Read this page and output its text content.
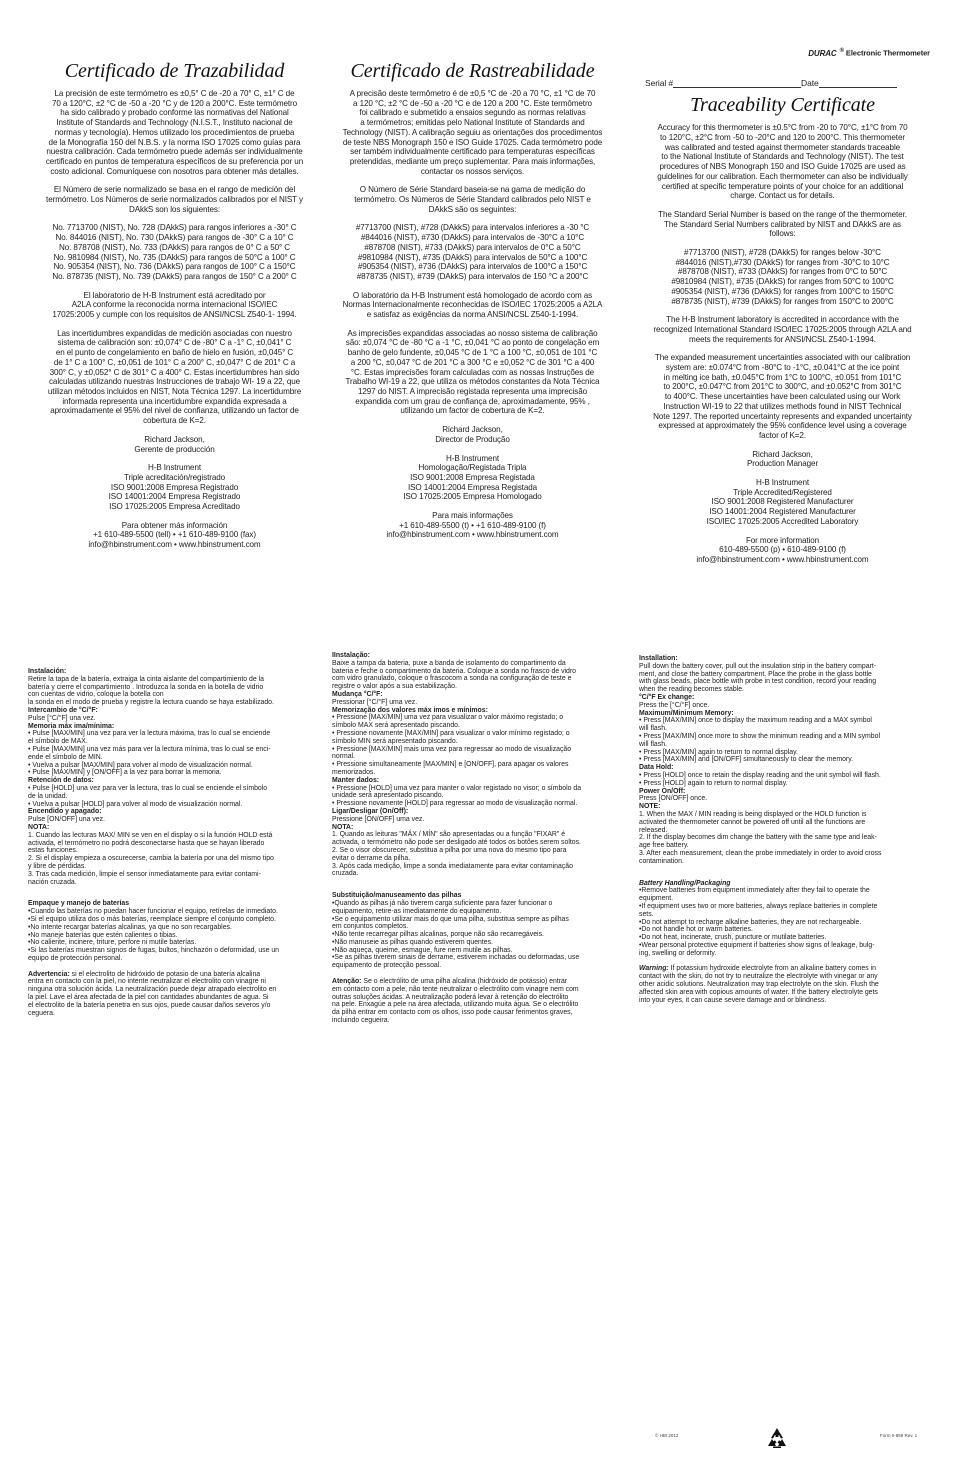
Certificado de Trazabilidad

La precisión de este termómetro es ±0,5° C de -20 a 70° C, ±1° C de
70 a 120°C, ±2 °C de -50 a -20 °C y de 120 a 200°C. Este termómetro
ha sido calibrado y probado conforme las normativas del National
Institute of Standards and Technology (N.I.S.T., Instituto nacional de
normas y tecnología). Hemos utilizado los procedimientos de prueba
de la Monografía 150 del N.B.S. y la norma ISO 17025 como guías para
nuestra calibración. Cada termómetro puede además ser individualmente
certificado en puntos de temperatura específicos de su preferencia por un
costo adicional. Comuníquese con nosotros para obtener más detalles.

El Número de serie normalizado se basa en el rango de medición del
termómetro. Los Números de serie normalizados calibrados por el NIST y
DAkkS son los siguientes:

No. 7713700 (NIST), No. 728 (DAkkS) para rangos inferiores a -30° C
No. 844016 (NIST), No. 730 (DAkkS) para rangos de -30° C a 10° C
No. 878708 (NIST), No. 733 (DAkkS) para rangos de 0° C a 50° C
No. 9810984 (NIST), No. 735 (DAkkS) para rangos de 50°C a 100° C
No. 905354 (NIST), No. 736 (DAkkS) para rangos de 100° C a 150°C
No. 878735 (NIST), No. 739 (DAkkS) para rangos de 150° C a 200° C

El laboratorio de H-B Instrument está acreditado por
A2LA conforme la reconocida norma internacional ISO/IEC
17025:2005 y cumple con los requisitos de ANSI/NCSL Z540-1- 1994.

Las incertidumbres expandidas de medición asociadas con nuestro
sistema de calibración son: ±0,074° C de -80° C a -1° C, ±0,041° C
en el punto de congelamiento en baño de hielo en fusión, ±0,045° C
de 1° C a 100° C, ±0,051 de 101° C a 200° C, ±0,047° C de 201° C a
300° C, y ±0,052° C de 301° C a 400° C. Estas incertidumbres han sido
calculadas utilizando nuestras Instrucciones de trabajo WI- 19 a 22, que
utilizan métodos incluidos en NIST, Nota Técnica 1297. La incertidumbre
informada representa una incertidumbre expandida expresada a
aproximadamente el 95% del nivel de confianza, utilizando un factor de
cobertura de K=2.

Richard Jackson,
Gerente de producción

H-B Instrument
Triple acreditación/registrado
ISO 9001:2008 Empresa Registrado
ISO 14001:2004 Empresa Registrado
ISO 17025:2005 Empresa Acreditado

Para obtener más información
+1 610-489-5500 (tell) • +1 610-489-9100 (fax)
info@hbinstrument.com • www.hbinstrument.com

Certificado de Rastreabilidade

A precisão deste termômetro é de ±0,5 °C de -20 a 70 °C, ±1 °C de 70
a 120 °C, ±2 °C de -50 a -20 °C e de 120 a 200 °C. Este termômetro
foi calibrado e submetido a ensaios segundo as normas relativas
a termómetros; emitidas pelo National Institute of Standards and
Technology (NIST). A calibração seguiu as orientações dos procedimentos
de teste NBS Monograph 150 e ISO Guide 17025. Cada termómetro pode
ser também individualmente certificado para temperaturas específicas
pretendidas, mediante um preço suplementar. Para mais informações,
contactar os nossos serviços.

O Número de Série Standard baseia-se na gama de medição do
termómetro. Os Números de Série Standard calibrados pelo NIST e
DAkkS são os seguintes:

#7713700 (NIST), #728 (DAkkS) para intervalos inferiores a -30 °C
#844016 (NIST), #730 (DAkkS) para intervalos de -30°C a 10°C
#878708 (NIST), #733 (DAkkS) para intervalos de 0°C a 50°C
#9810984 (NIST), #735 (DAkkS) para intervalos de 50°C a 100°C
#905354 (NIST), #736 (DAkkS) para intervalos de 100°C a 150°C
#878735 (NIST), #739 (DAkkS) para intervalos de 150 °C a 200°C

O laboratório da H-B Instrument está homologado de acordo com as
Normas Internacionalmente reconhecidas de ISO/IEC 17025:2005 a A2LA
e satisfaz as exigências da norma ANSI/NCSL Z540-1-1994.

As imprecisões expandidas associadas ao nosso sistema de calibração
são: ±0,074 °C de -80 °C a -1 °C, ±0,041 °C ao ponto de congelação em
banho de gelo fundente, ±0,045 °C de 1 °C a 100 °C, ±0,051 de 101 °C
a 200 °C, ±0,047 °C de 201 °C a 300 °C e ±0,052 °C de 301 °C a 400
°C. Estas imprecisões foram calculadas com as nossas Instruções de
Trabalho WI-19 a 22, que utiliza os métodos constantes da Nota Técnica
1297 do NIST. A imprecisão registada representa uma imprecisão
expandida com um grau de confiança de, aproximadamente, 95% ,
utilizando um factor de cobertura de K=2.

Richard Jackson,
Director de Produção

H-B Instrument
Homologação/Registada Tripla
ISO 9001:2008 Empresa Registada
ISO 14001:2004 Empresa Registada
ISO 17025:2005 Empresa Homologado

Para mais informações
+1 610-489-5500 (t) • +1 610-489-9100 (f)
info@hbinstrument.com • www.hbinstrument.com

DURAC ® Electronic Thermometer
Serial #	Date
Traceability Certificate

Accuracy for this thermometer is ±0.5°C from -20 to 70°C, ±1°C from 70
to 120°C, ±2°C from -50 to -20°C and 120 to 200°C. This thermometer
was calibrated and tested against thermometer standards traceable
to the National Institute of Standards and Technology (NIST). The test
procedures of NBS Monograph 150 and ISO Guide 17025 are used as
guidelines for our calibration. Each thermometer can also be individually
certified at specific temperature points of your choice for an additional
charge. Contact us for details.

The Standard Serial Number is based on the range of the thermometer.
The Standard Serial Numbers calibrated by NIST and DAkkS are as
follows:

#7713700 (NIST), #728 (DAkkS) for ranges below -30°C
#844016 (NIST),#730 (DAkkS) for ranges from -30°C to 10°C
#878708 (NIST), #733 (DAkkS) for ranges from 0°C to 50°C
#9810984 (NIST), #735 (DAkkS) for ranges from 50°C to 100°C
#905354 (NIST), #736 (DAkkS) for ranges from 100°C to 150°C
#878735 (NIST), #739 (DAkkS) for ranges from 150°C to 200°C

The H-B Instrument laboratory is accredited in accordance with the
recognized International Standard ISO/IEC 17025:2005 through A2LA and
meets the requirements for ANSI/NCSL Z540-1-1994.

The expanded measurement uncertainties associated with our calibration
system are: ±0.074°C from -80°C to -1°C, ±0.041°C at the ice point
in melting ice bath, ±0.045°C from 1°C to 100°C, ±0.051 from 101°C
to 200°C, ±0.047°C from 201°C to 300°C, and ±0.052°C from 301°C
to 400°C. These uncertainties have been calculated using our Work
Instruction WI-19 to 22 that utilizes methods found in NIST Technical
Note 1297. The reported uncertainty represents and expanded uncertainty
expressed at approximately the 95% confidence level using a coverage
factor of K=2.

Richard Jackson,
Production Manager

H-B Instrument
Triple Accredited/Registered
ISO 9001:2008 Registered Manufacturer
ISO 14001:2004 Registered Manufacturer
ISO/IEC 17025:2005 Accredited Laboratory

For more information
610-489-5500 (p) • 610-489-9100 (f)
info@hbinstrument.com • www.hbinstrument.com

Instalación:
Retire la tapa de la batería, extraiga la cinta aislante del compartimiento de la
batería y cierre el compartimiento . Introduzca la sonda en la botella de vidrio
con cuentas de vidrio, coloque la botella con
la sonda en el modo de prueba y registre la lectura cuando se haya estabilizado.
Intercambio de °C/°F:
Pulse [°C/°F] una vez.
Memoria máx ima/mínima:
• Pulse [MAX/MIN] una vez para ver la lectura máxima, tras lo cual se enciende
el símbolo de MAX.
• Pulse [MAX/MIN] una vez más para ver la lectura mínima, tras lo cual se enci-
ende el símbolo de MIN.
• Vuelva a pulsar [MAX/MIN] para volver al modo de visualización normal.
• Pulse [MAX/MIN] y [ON/OFF] a la vez para borrar la memoria.
Retención de datos:
• Pulse [HOLD] una vez para ver la lectura, tras lo cual se enciende el símbolo
de la unidad.
• Vuelva a pulsar [HOLD] para volver al modo de visualización normal.
Encendido y apagado:
Pulse [ON/OFF] una vez.
NOTA:
1. Cuando las lecturas MAX/ MIN se ven en el display o si la función HOLD está
activada, el termómetro no podrá desconectarse hasta que se hayan liberado
estas funciones.
2. Si el display empieza a oscurecerse, cambia la batería por una del mismo tipo
y libre de pérdidas.
3. Tras cada medición, limpie el sensor inmediatamente para evitar contami-
nación cruzada.
Empaque y manejo de baterías
•Cuando las baterías no puedan hacer funcionar el equipo, retírelas de inmediato.
•Si el equipo utiliza dos o más baterías, reemplace siempre el conjunto completo.
•No intente recargar baterías alcalinas, ya que no son recargables.
•No maneje baterías que estén calientes o tibias.
•No caliente, incinere, triture, perfore ni mutile baterías.
•Si las baterías muestran signos de fugas, bultos, hinchazón o deformidad, use un
equipo de protección personal.
Advertencia: si el electrolito de hidróxido de potasio de una batería alcalina
entra en contacto con la piel, no intente neutralizar el electrolito con vinagre ni
ninguna otra solución ácida. La neutralización puede dejar atrapado electrolito en
la piel. Lave el área afectada de la piel con cantidades abundantes de agua. Si
el electrolito de la batería penetra en sus ojos, puede causar daños severos y/o
ceguera.
IInstalação:
Baixe a tampa da bateria, puxe a banda de isolamento do compartimento da
bateria e feche o compartimento da bateria. Coloque a sonda no frasco de vidro
com vidro granulado, coloque o frascocom a sonda na configuração de teste e
registre o valor após a sua estabilização.
Mudança °C/°F:
Pressionar [°C/°F] uma vez.
Memorização dos valores máx imos e mínimos:
• Pressione [MAX/MIN] uma vez para visualizar o valor máximo registado; o
símbolo MAX será apresentado piscando.
• Pressione novamente [MAX/MIN] para visualizar o valor mínimo registado; o
símbolo MIN será apresentado piscando.
• Pressione [MAX/MIN] mais uma vez para regressar ao modo de visualização
normal.
• Pressione simultaneamente [MAX/MIN] e [ON/OFF], para apagar os valores
memorizados.
Manter dados:
• Pressione [HOLD] uma vez para manter o valor registado no visor; o símbolo da
unidade será apresentado piscando.
• Pressione novamente [HOLD] para regressar ao modo de visualização normal.
Ligar/Desligar (On/Off):
Pressione [ON/OFF] uma vez.
NOTA:
1. Quando as leituras "MÁX / MÍN" são apresentadas ou a função "FIXAR" é
activada, o termómetro não pode ser desligado até todos os botões serem soltos.
2. Se o visor obscurecer, substitua a pilha por uma nova do mesmo tipo para
evitar o derrame da pilha.
3. Após cada medição, limpe a sonda imediatamente para evitar contaminação
cruzada.
Substituição/manuseamento das pilhas
•Quando as pilhas já não tiverem carga suficiente para fazer funcionar o
equipamento, retire-as imediatamente do equipamento.
•Se o equipamento utilizar mais do que uma pilha, substitua sempre as pilhas
em conjuntos completos.
•Não tente recarregar pilhas alcalinas, porque não são recarregáveis.
•Não manuseie as pilhas quando estiverem quentes.
•Não aqueça, queime, esmague, fure nem mutile as pilhas.
•Se as pilhas tiverem sinais de derrame, estiverem inchadas ou deformadas, use
equipamento de protecção pessoal.
Atenção: Se o electrólito de uma pilha alcalina (hidróxido de potássio) entrar
em contacto com a pele, não tente neutralizar o electrólito com vinagre nem com
outras soluções ácidas. A neutralização poderá levar à retenção do electrólito
na pele. Enxagúe a pele na área afectada, utilizando muita água. Se o electrólito
da pilha entrar em contacto com os olhos, isso pode causar ferimentos graves,
incluindo cegueira.
Installation:
Pull down the battery cover, pull out the insulation strip in the battery compart-
ment, and close the battery compartment. Place the probe in the glass bottle
with glass beads, place bottle with probe in test condition, record your reading
when the reading becomes stable.
°C/°F Ex change:
Press the [°C/°F] once.
Maximum/Minimum Memory:
• Press [MAX/MIN] once to display the maximum reading and a MAX symbol
will flash.
• Press [MAX/MIN] once more to show the minimum reading and a MIN symbol
will flash.
• Press [MAX/MIN] again to return to normal display.
• Press [MAX/MIN] and [ON/OFF] simultaneously to clear the memory.
Data Hold:
• Press [HOLD] once to retain the display reading and the unit symbol will flash.
• Press [HOLD] again to return to normal display.
Power On/Off:
Press [ON/OFF] once.
NOTE:
1. When the MAX / MIN reading is being displayed or the HOLD function is
activated the thermometer cannot be powered off until all the functions are
released.
2. If the display becomes dim change the battery with the same type and leak-
age free battery.
3. After each measurement, clean the probe immediately in order to avoid cross
contamination.
Battery Handling/Packaging
•Remove batteries from equipment immediately after they fail to operate the
equipment.
•If equipment uses two or more batteries, always replace batteries in complete
sets.
•Do not attempt to recharge alkaline batteries, they are not rechargeable.
•Do not handle hot or warm batteries.
•Do not heat, incinerate, crush, puncture or mutilate batteries.
•Wear personal protective equipment if batteries show signs of leakage, bulg-
ing, swelling or deformity.
Warning: If potassium hydroxide electrolyte from an alkaline battery comes in
contact with the skin, do not try to neutralize the electrolyte with vinegar or any
other acidic solutions. Neutralization may trap electrolyte on the skin. Flush the
affected skin area with copious amounts of water. If the battery electrolyte gets
into your eyes, it can cause severe damage and or blindness.
© HBI 2012	Form II-859 Rev. 1
